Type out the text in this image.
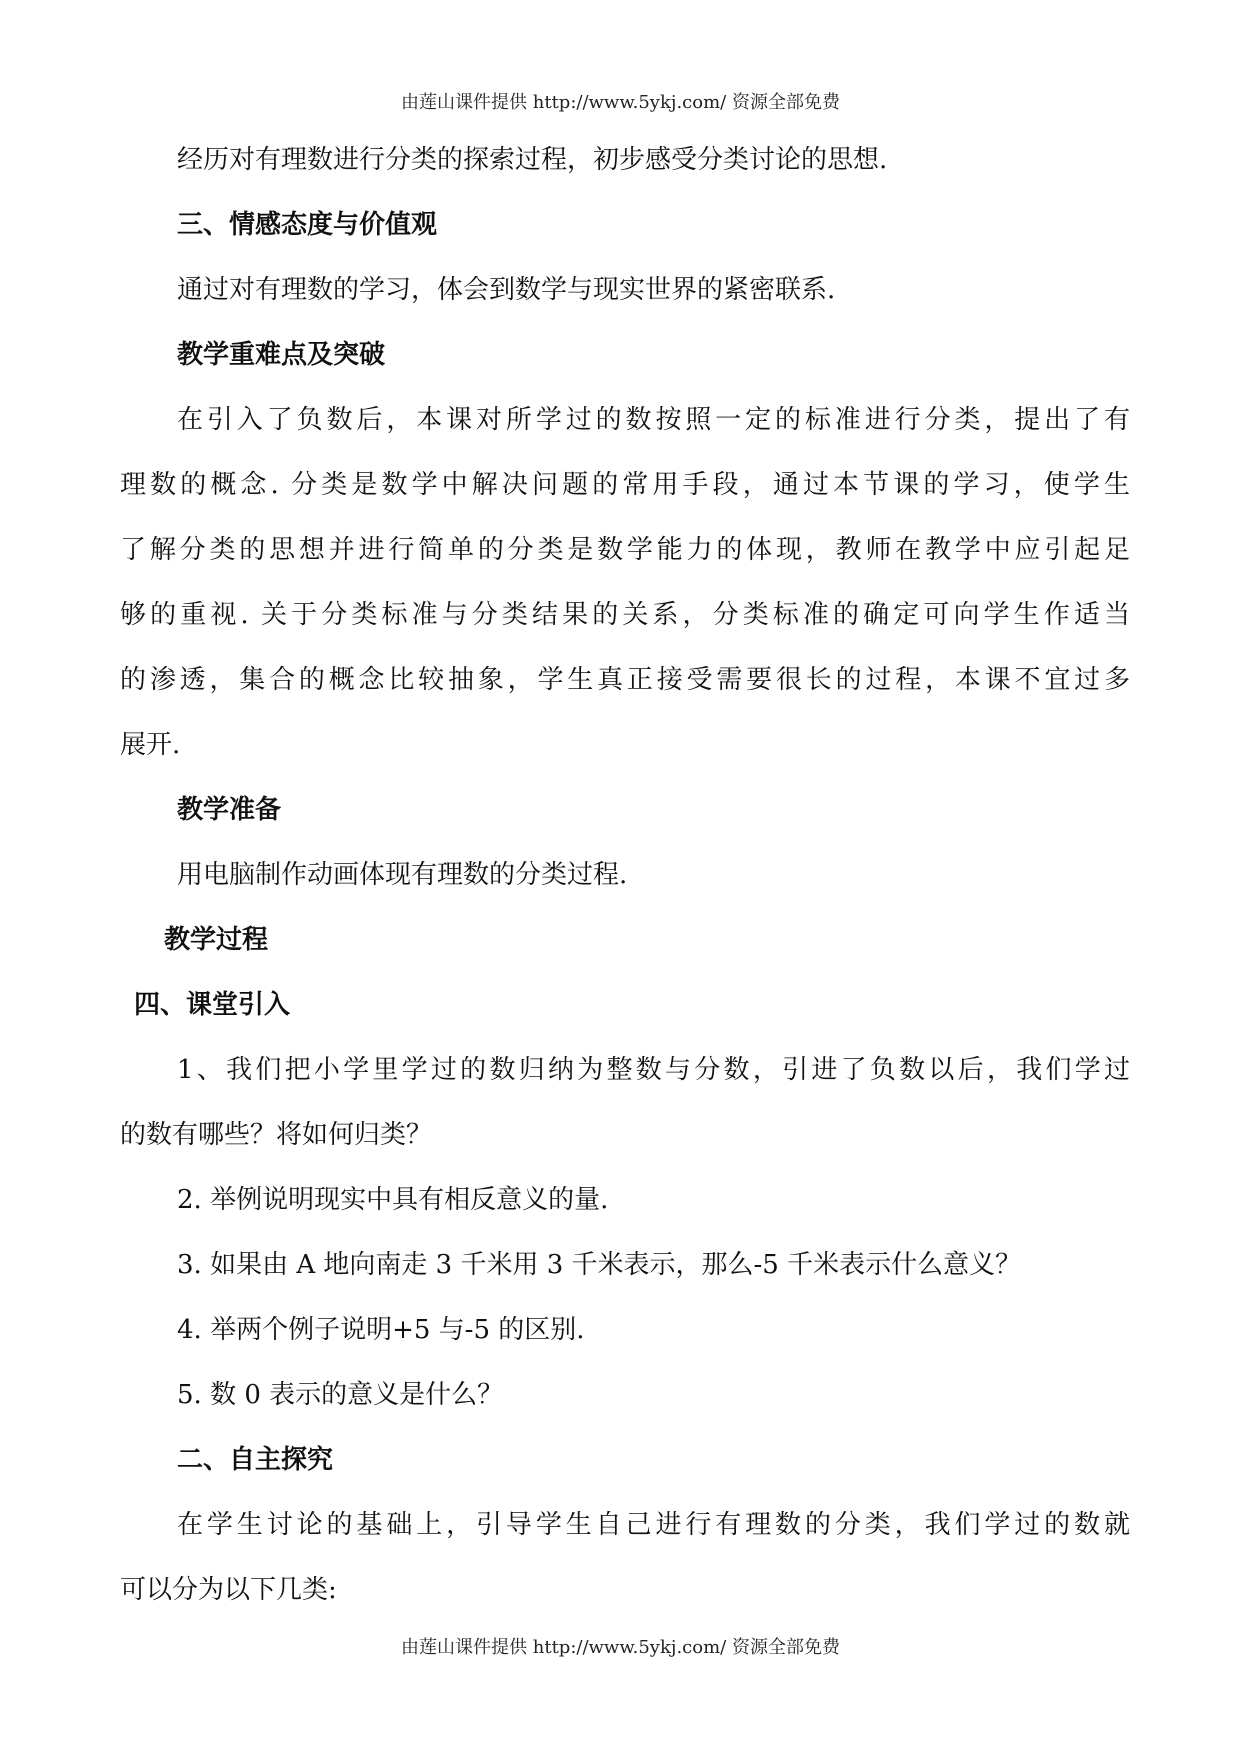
由莲山课件提供 http://www.5ykj.com/ 资源全部免费
经历对有理数进行分类的探索过程，初步感受分类讨论的思想.
三、情感态度与价值观
通过对有理数的学习，体会到数学与现实世界的紧密联系.
教学重难点及突破
在引入了负数后，本课对所学过的数按照一定的标准进行分类，提出了有
理数的概念. 分类是数学中解决问题的常用手段，通过本节课的学习，使学生
了解分类的思想并进行简单的分类是数学能力的体现，教师在教学中应引起足
够的重视. 关于分类标准与分类结果的关系，分类标准的确定可向学生作适当
的渗透，集合的概念比较抽象，学生真正接受需要很长的过程，本课不宜过多
展开.
教学准备
用电脑制作动画体现有理数的分类过程.
教学过程
四、课堂引入
1、我们把小学里学过的数归纳为整数与分数，引进了负数以后，我们学过
的数有哪些？将如何归类？
2. 举例说明现实中具有相反意义的量.
3. 如果由 A 地向南走 3 千米用 3 千米表示，那么-5 千米表示什么意义？
4. 举两个例子说明+5 与-5 的区别.
5. 数 0 表示的意义是什么？
二、自主探究
在学生讨论的基础上，引导学生自己进行有理数的分类，我们学过的数就
可以分为以下几类:
由莲山课件提供 http://www.5ykj.com/ 资源全部免费
